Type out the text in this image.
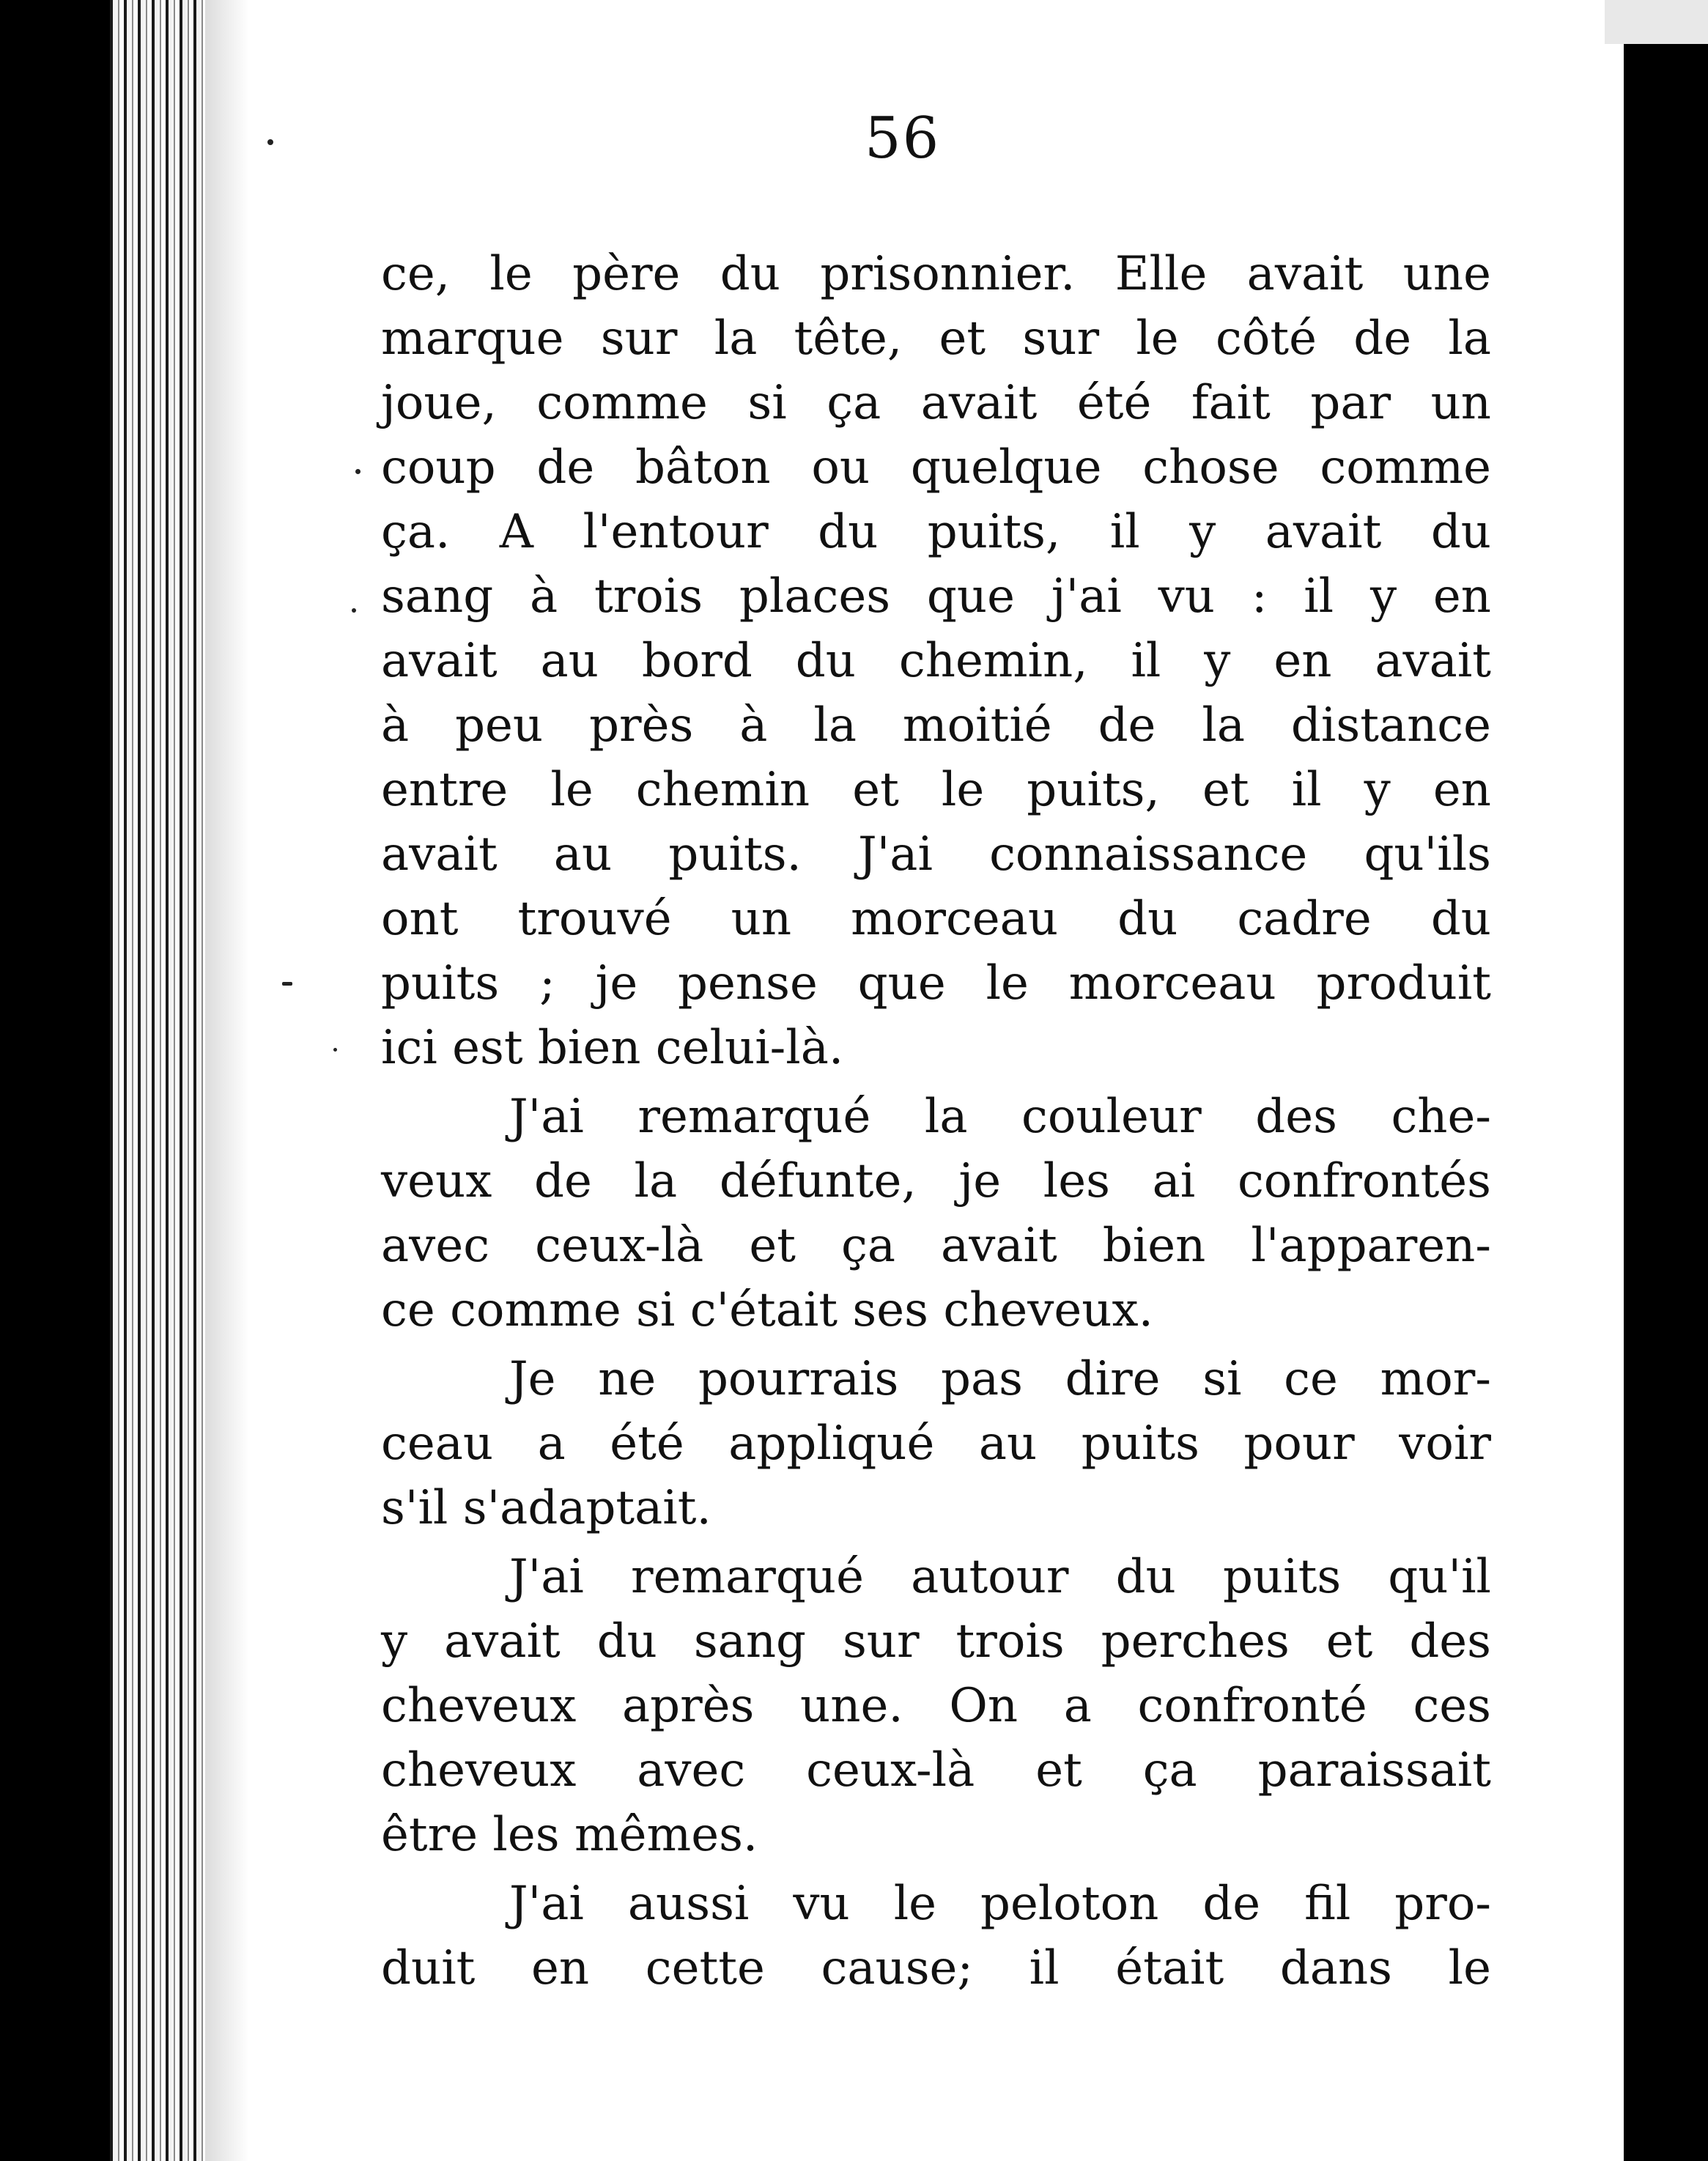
56
ce, le père du prisonnier. Elle avait une
marque sur la tête, et sur le côté de la
joue, comme si ça avait été fait par un
coup de bâton ou quelque chose comme
ça. A l'entour du puits, il y avait du
sang à trois places que j'ai vu : il y en
avait au bord du chemin, il y en avait
à peu près à la moitié de la distance
entre le chemin et le puits, et il y en
avait au puits. J'ai connaissance qu'ils
ont trouvé un morceau du cadre du
puits ; je pense que le morceau produit
ici est bien celui-là.
J'ai remarqué la couleur des che-
veux de la défunte, je les ai confrontés
avec ceux-là et ça avait bien l'apparen-
ce comme si c'était ses cheveux.
Je ne pourrais pas dire si ce mor-
ceau a été appliqué au puits pour voir
s'il s'adaptait.
J'ai remarqué autour du puits qu'il
y avait du sang sur trois perches et des
cheveux après une. On a confronté ces
cheveux avec ceux-là et ça paraissait
être les mêmes.
J'ai aussi vu le peloton de fil pro-
duit en cette cause; il était dans le
